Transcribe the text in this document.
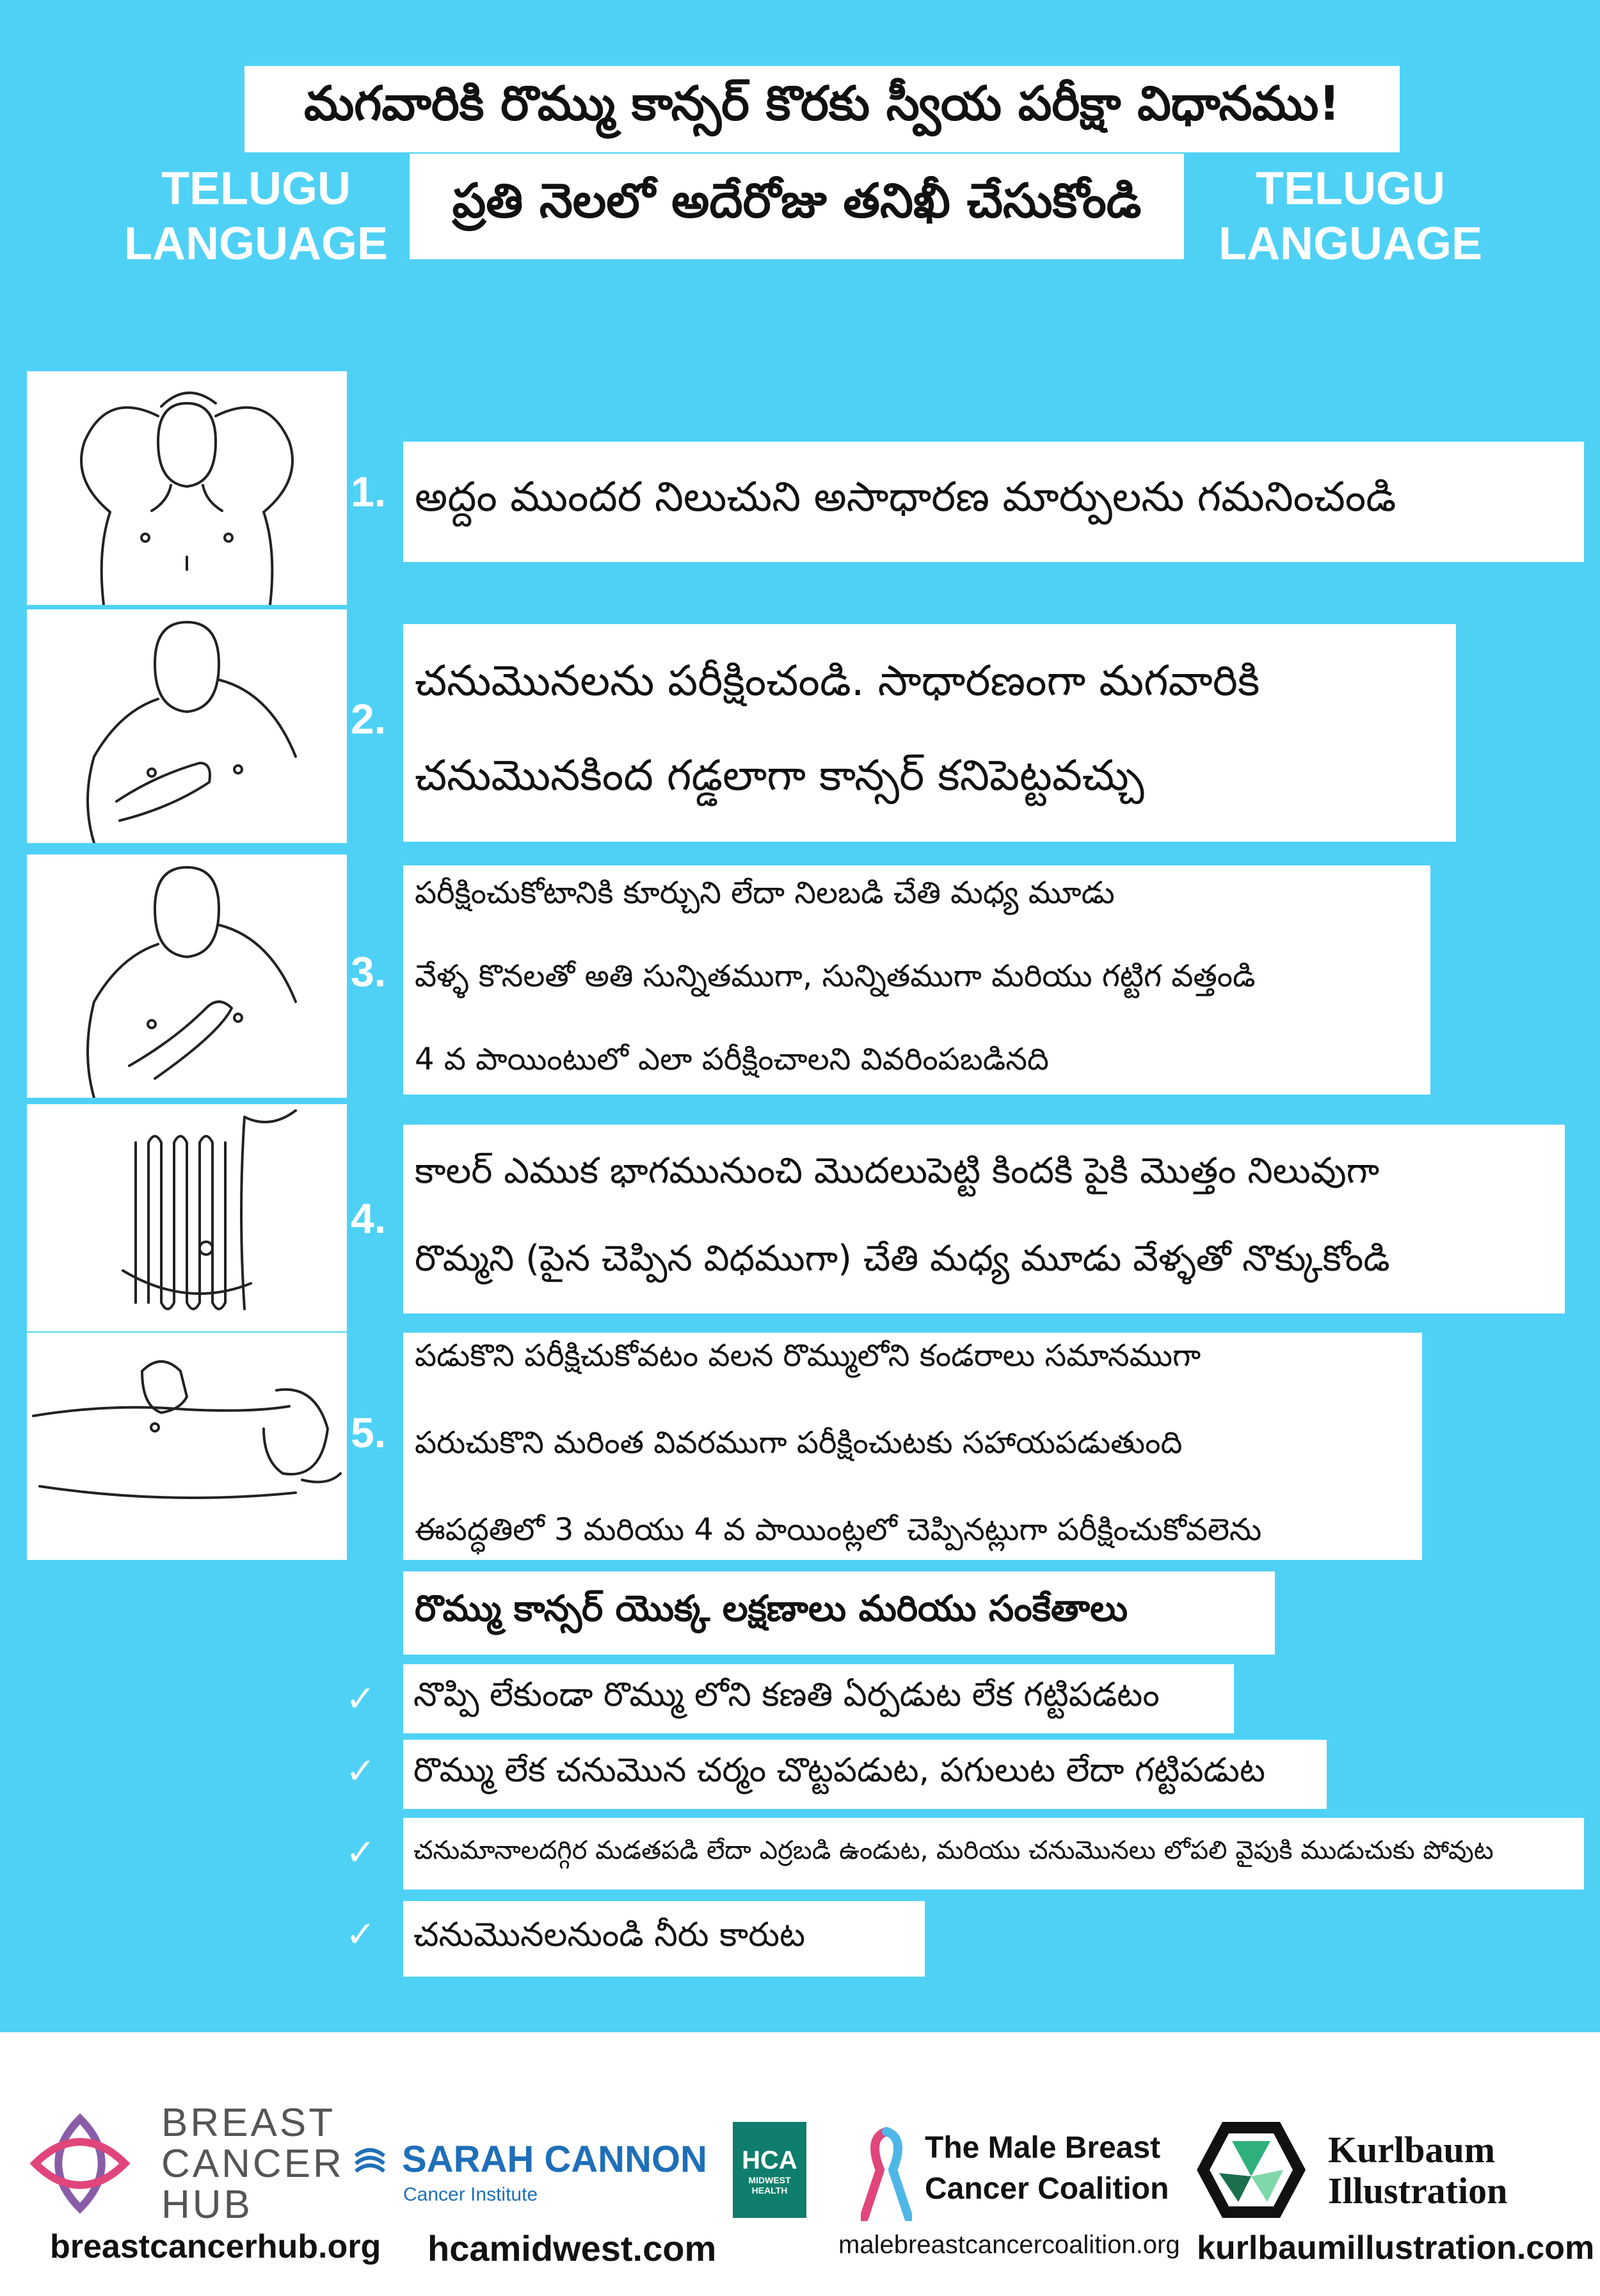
మగవారికి రొమ్ము కాన్సర్ కొరకు స్వీయ పరీక్షా విధానము!
ప్రతి నెలలో అదేరోజు తనిఖీ చేసుకోండి
TELUGU
LANGUAGE
TELUGU
LANGUAGE
1. అద్దం ముందర నిలుచుని అసాధారణ మార్పులను గమనించండి
2.
చనుమొనలను పరీక్షించండి. సాధారణంగా మగవారికి
చనుమొనకింద గడ్డలాగా కాన్సర్ కనిపెట్టవచ్చు
3.
పరీక్షించుకోటానికి కూర్చుని లేదా నిలబడి చేతి మధ్య మూడు
వేళ్ళ కొనలతో అతి సున్నితముగా, సున్నితముగా మరియు గట్టిగ వత్తండి
4 వ పాయింటులో ఎలా పరీక్షించాలని వివరింపబడినది
4.
కాలర్ ఎముక భాగమునుంచి మొదలుపెట్టి కిందకి పైకి మొత్తం నిలువుగా
రొమ్మని (పైన చెప్పిన విధముగా) చేతి మధ్య మూడు వేళ్ళతో నొక్కుకోండి
5.
పడుకొని పరీక్షిచుకోవటం వలన రొమ్ములోని కండరాలు సమానముగా
పరుచుకొని మరింత వివరముగా పరీక్షించుటకు సహాయపడుతుంది
ఈపద్ధతిలో 3 మరియు 4 వ పాయింట్లలో చెప్పినట్లుగా పరీక్షించుకోవలెను
రొమ్ము కాన్సర్ యొక్క లక్షణాలు మరియు సంకేతాలు
✓ నొప్పి లేకుండా రొమ్ము లోని కణతి ఏర్పడుట లేక గట్టిపడటం
✓ రొమ్ము లేక చనుమొన చర్మం చొట్టపడుట, పగులుట లేదా గట్టిపడుట
✓ చనుమానాలదగ్గిర మడతపడి లేదా ఎర్రబడి ఉండుట, మరియు చనుమొనలు లోపలి వైపుకి ముడుచుకు పోవుట
✓ చనుమొనలనుండి నీరు కారుట
BREAST
CANCER
HUB
breastcancerhub.org
SARAH CANNON
Cancer Institute
hcamidwest.com
HCA
MIDWEST
HEALTH
The Male Breast
Cancer Coalition
malebreastcancercoalition.org
Kurlbaum
Illustration
kurlbaumillustration.com
